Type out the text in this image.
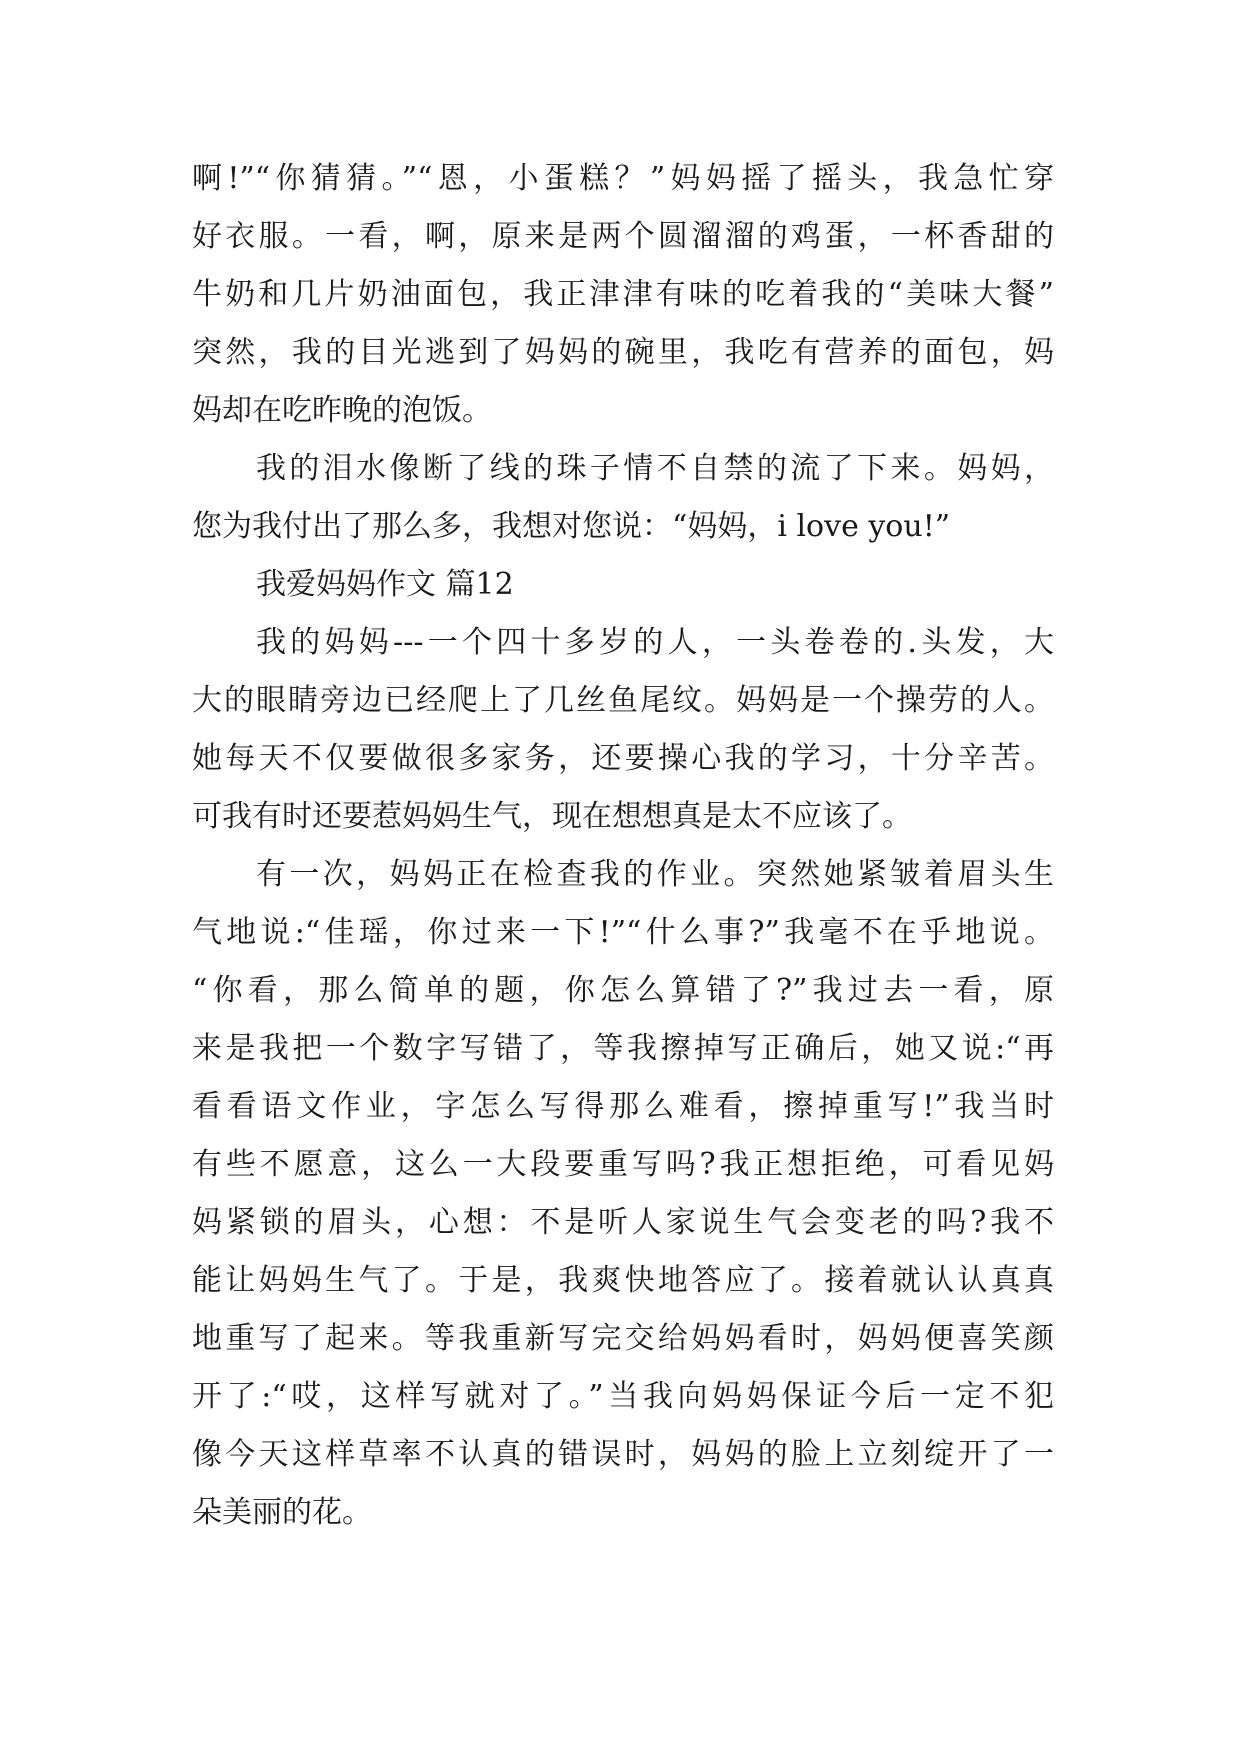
啊!”“你猜猜。”“恩，小蛋糕？”妈妈摇了摇头，我急忙穿
好衣服。一看，啊，原来是两个圆溜溜的鸡蛋，一杯香甜的
牛奶和几片奶油面包，我正津津有味的吃着我的“美味大餐”
突然，我的目光逃到了妈妈的碗里，我吃有营养的面包，妈
妈却在吃昨晚的泡饭。
我的泪水像断了线的珠子情不自禁的流了下来。妈妈，
您为我付出了那么多，我想对您说：“妈妈，i love you!”
我爱妈妈作文 篇12
我的妈妈---一个四十多岁的人，一头卷卷的.头发，大
大的眼睛旁边已经爬上了几丝鱼尾纹。妈妈是一个操劳的人。
她每天不仅要做很多家务，还要操心我的学习，十分辛苦。
可我有时还要惹妈妈生气，现在想想真是太不应该了。
有一次，妈妈正在检查我的作业。突然她紧皱着眉头生
气地说:“佳瑶，你过来一下!”“什么事?”我毫不在乎地说。
“你看，那么简单的题，你怎么算错了?”我过去一看，原
来是我把一个数字写错了，等我擦掉写正确后，她又说:“再
看看语文作业，字怎么写得那么难看，擦掉重写!”我当时
有些不愿意，这么一大段要重写吗?我正想拒绝，可看见妈
妈紧锁的眉头，心想：不是听人家说生气会变老的吗?我不
能让妈妈生气了。于是，我爽快地答应了。接着就认认真真
地重写了起来。等我重新写完交给妈妈看时，妈妈便喜笑颜
开了:“哎，这样写就对了。”当我向妈妈保证今后一定不犯
像今天这样草率不认真的错误时，妈妈的脸上立刻绽开了一
朵美丽的花。
